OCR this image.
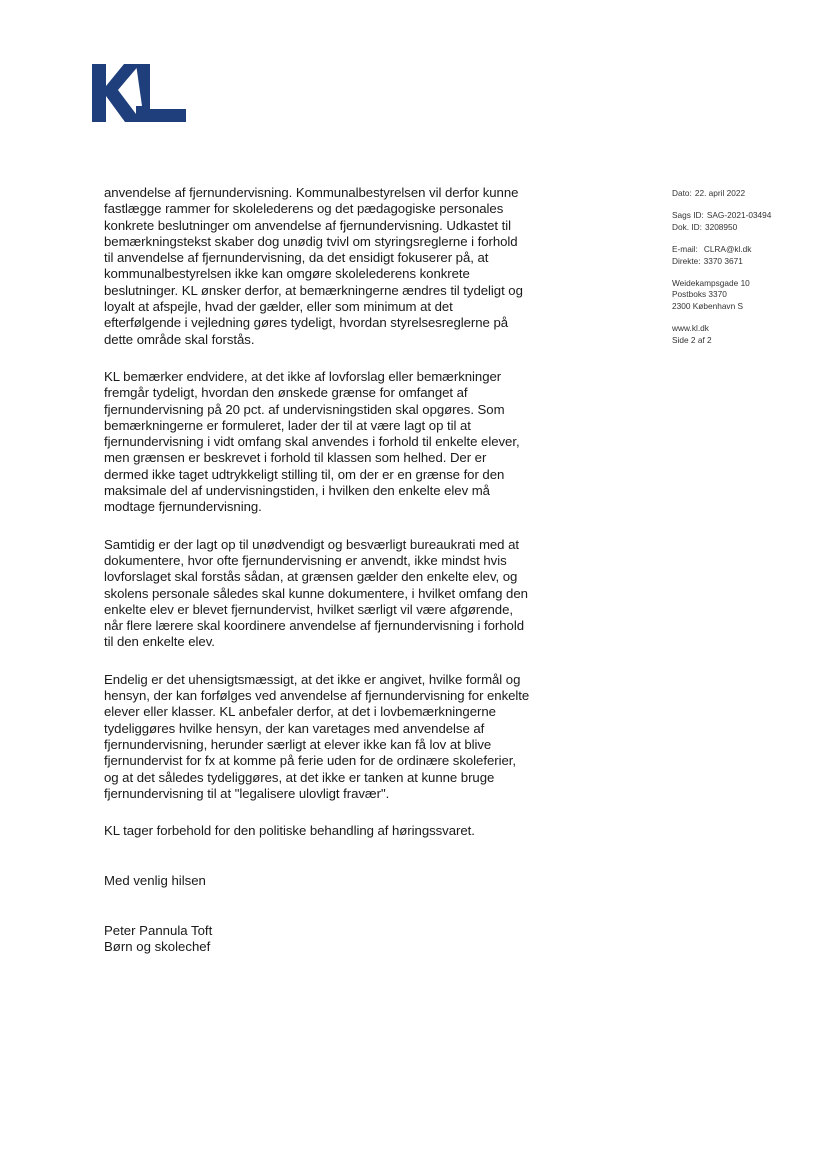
anvendelse af fjernundervisning. Kommunalbestyrelsen vil derfor kunne
fastlægge rammer for skolelederens og det pædagogiske personales
konkrete beslutninger om anvendelse af fjernundervisning. Udkastet til
bemærkningstekst skaber dog unødig tvivl om styringsreglerne i forhold
til anvendelse af fjernundervisning, da det ensidigt fokuserer på, at
kommunalbestyrelsen ikke kan omgøre skolelederens konkrete
beslutninger. KL ønsker derfor, at bemærkningerne ændres til tydeligt og
loyalt at afspejle, hvad der gælder, eller som minimum at det
efterfølgende i vejledning gøres tydeligt, hvordan styrelsesreglerne på
dette område skal forstås.

KL bemærker endvidere, at det ikke af lovforslag eller bemærkninger
fremgår tydeligt, hvordan den ønskede grænse for omfanget af
fjernundervisning på 20 pct. af undervisningstiden skal opgøres. Som
bemærkningerne er formuleret, lader der til at være lagt op til at
fjernundervisning i vidt omfang skal anvendes i forhold til enkelte elever,
men grænsen er beskrevet i forhold til klassen som helhed. Der er
dermed ikke taget udtrykkeligt stilling til, om der er en grænse for den
maksimale del af undervisningstiden, i hvilken den enkelte elev må
modtage fjernundervisning.

Samtidig er der lagt op til unødvendigt og besværligt bureaukrati med at
dokumentere, hvor ofte fjernundervisning er anvendt, ikke mindst hvis
lovforslaget skal forstås sådan, at grænsen gælder den enkelte elev, og
skolens personale således skal kunne dokumentere, i hvilket omfang den
enkelte elev er blevet fjernundervist, hvilket særligt vil være afgørende,
når flere lærere skal koordinere anvendelse af fjernundervisning i forhold
til den enkelte elev.

Endelig er det uhensigtsmæssigt, at det ikke er angivet, hvilke formål og
hensyn, der kan forfølges ved anvendelse af fjernundervisning for enkelte
elever eller klasser. KL anbefaler derfor, at det i lovbemærkningerne
tydeliggøres hvilke hensyn, der kan varetages med anvendelse af
fjernundervisning, herunder særligt at elever ikke kan få lov at blive
fjernundervist for fx at komme på ferie uden for de ordinære skoleferier,
og at det således tydeliggøres, at det ikke er tanken at kunne bruge
fjernundervisning til at "legalisere ulovligt fravær".

KL tager forbehold for den politiske behandling af høringssvaret.

Med venlig hilsen
Peter Pannula Toft
Børn og skolechef
Dato: 22. april 2022
Sags ID: SAG-2021-03494
Dok. ID: 3208950
E-mail: CLRA@kl.dk
Direkte: 3370 3671
Weidekampsgade 10
Postboks 3370
2300 København S
www.kl.dk
Side 2 af 2
